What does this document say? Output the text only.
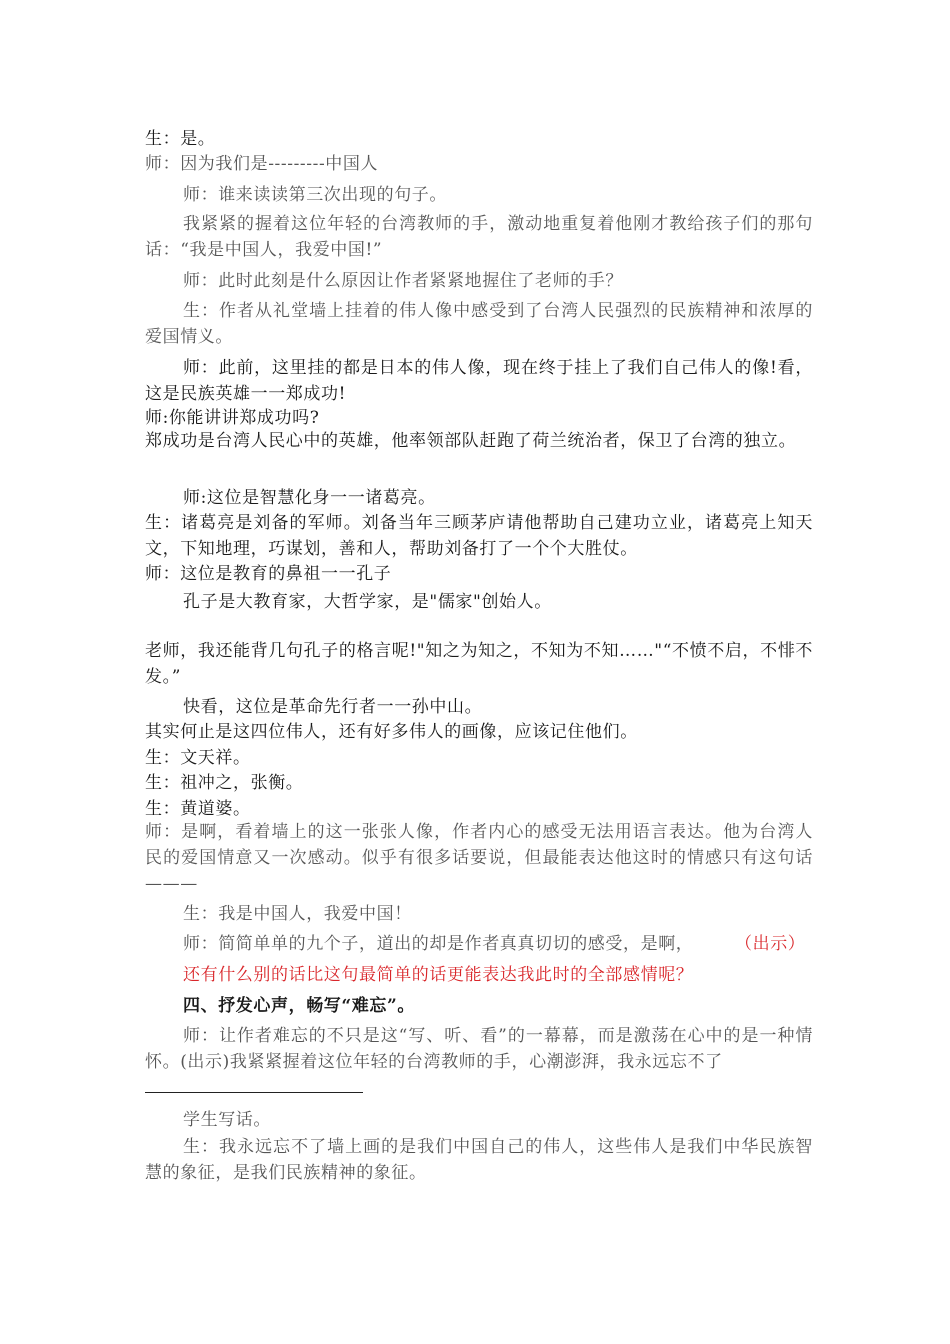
生：是。
师：因为我们是---------中国人
师：谁来读读第三次出现的句子。
我紧紧的握着这位年轻的台湾教师的手，激动地重复着他刚才教给孩子们的那句话：“我是中国人，我爱中国!”
师：此时此刻是什么原因让作者紧紧地握住了老师的手？
生：作者从礼堂墙上挂着的伟人像中感受到了台湾人民强烈的民族精神和浓厚的爱国情义。
师：此前，这里挂的都是日本的伟人像，现在终于挂上了我们自己伟人的像!看，这是民族英雄一一郑成功!
师:你能讲讲郑成功吗?
郑成功是台湾人民心中的英雄，他率领部队赶跑了荷兰统治者，保卫了台湾的独立。
师:这位是智慧化身一一诸葛亮。
生：诸葛亮是刘备的军师。刘备当年三顾茅庐请他帮助自己建功立业，诸葛亮上知天文，下知地理，巧谋划，善和人，帮助刘备打了一个个大胜仗。
师：这位是教育的鼻祖一一孔子
孔子是大教育家，大哲学家，是"儒家"创始人。
老师，我还能背几句孔子的格言呢!"知之为知之，不知为不知……"“不愤不启，不悱不发。”
快看，这位是革命先行者一一孙中山。
其实何止是这四位伟人，还有好多伟人的画像，应该记住他们。
生：文天祥。
生：祖冲之，张衡。
生：黄道婆。
师：是啊，看着墙上的这一张张人像，作者内心的感受无法用语言表达。他为台湾人民的爱国情意又一次感动。似乎有很多话要说，但最能表达他这时的情感只有这句话———
生：我是中国人，我爱中国！
师：简简单单的九个子，道出的却是作者真真切切的感受，是啊，	（出示）
还有什么别的话比这句最简单的话更能表达我此时的全部感情呢？
四、抒发心声，畅写“难忘”。
师：让作者难忘的不只是这“写、听、看”的一幕幕，而是激荡在心中的是一种情怀。(出示)我紧紧握着这位年轻的台湾教师的手，心潮澎湃，我永远忘不了
学生写话。
生：我永远忘不了墙上画的是我们中国自己的伟人，这些伟人是我们中华民族智慧的象征，是我们民族精神的象征。
